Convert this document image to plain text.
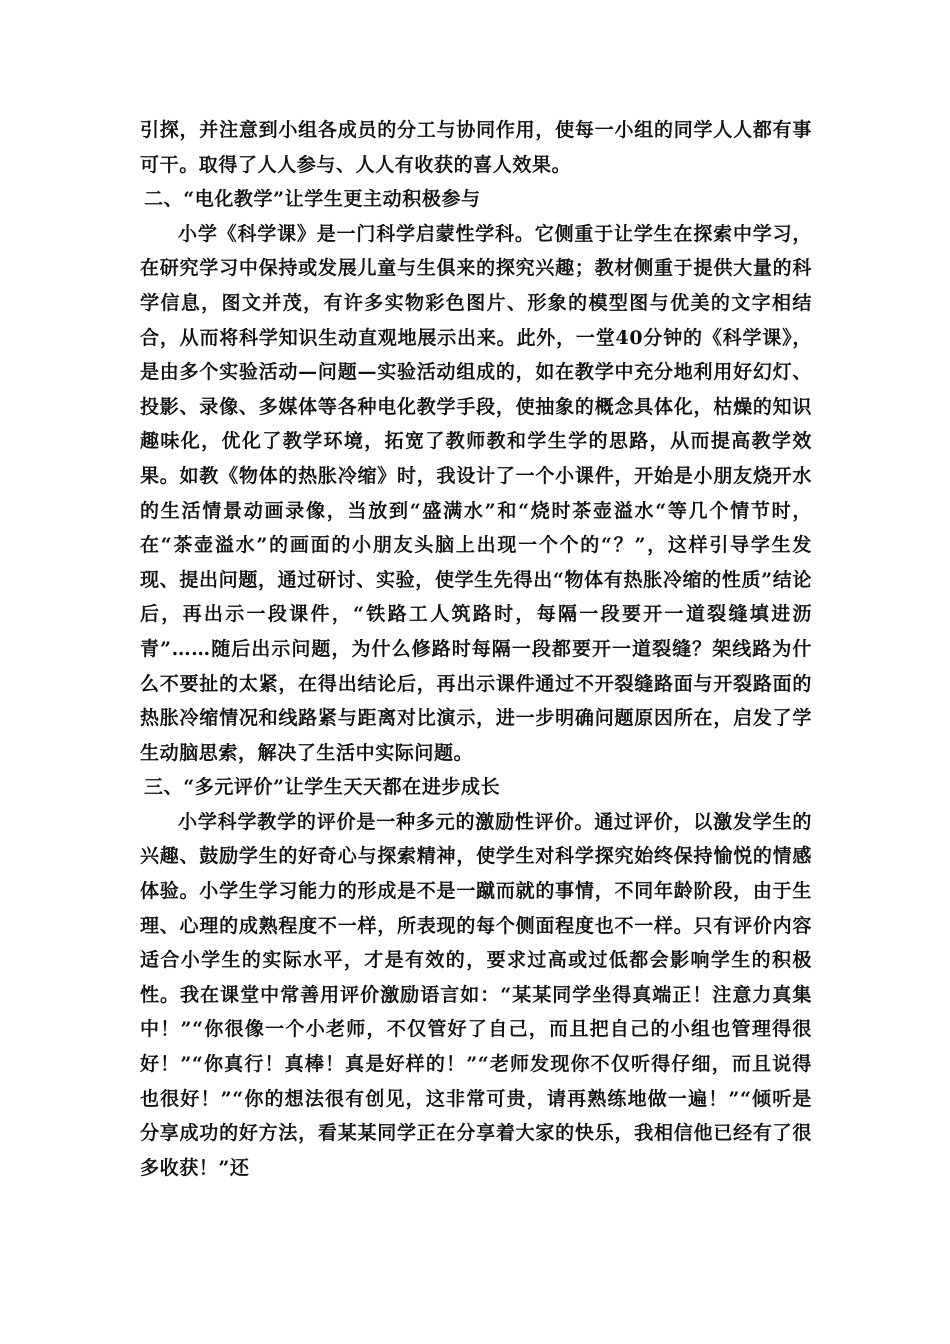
引探，并注意到小组各成员的分工与协同作用，使每一小组的同学人人都有事可干。取得了人人参与、人人有收获的喜人效果。

二、“电化教学”让学生更主动积极参与

小学《科学课》是一门科学启蒙性学科。它侧重于让学生在探索中学习，在研究学习中保持或发展儿童与生俱来的探究兴趣；教材侧重于提供大量的科学信息，图文并茂，有许多实物彩色图片、形象的模型图与优美的文字相结合，从而将科学知识生动直观地展示出来。此外，一堂40分钟的《科学课》，是由多个实验活动—问题—实验活动组成的，如在教学中充分地利用好幻灯、投影、录像、多媒体等各种电化教学手段，使抽象的概念具体化，枯燥的知识趣味化，优化了教学环境，拓宽了教师教和学生学的思路，从而提高教学效果。如教《物体的热胀冷缩》时，我设计了一个小课件，开始是小朋友烧开水的生活情景动画录像，当放到“盛满水”和“烧时茶壶溢水“等几个情节时，在“茶壶溢水”的画面的小朋友头脑上出现一个个的“？”，这样引导学生发现、提出问题，通过研讨、实验，使学生先得出“物体有热胀冷缩的性质”结论后，再出示一段课件，“铁路工人筑路时，每隔一段要开一道裂缝填进沥青”……随后出示问题，为什么修路时每隔一段都要开一道裂缝？架线路为什么不要扯的太紧，在得出结论后，再出示课件通过不开裂缝路面与开裂路面的热胀冷缩情况和线路紧与距离对比演示，进一步明确问题原因所在，启发了学生动脑思索，解决了生活中实际问题。

三、“多元评价”让学生天天都在进步成长

小学科学教学的评价是一种多元的激励性评价。通过评价，以激发学生的兴趣、鼓励学生的好奇心与探索精神，使学生对科学探究始终保持愉悦的情感体验。小学生学习能力的形成是不是一蹴而就的事情，不同年龄阶段，由于生理、心理的成熟程度不一样，所表现的每个侧面程度也不一样。只有评价内容适合小学生的实际水平，才是有效的，要求过高或过低都会影响学生的积极性。我在课堂中常善用评价激励语言如：“某某同学坐得真端正！注意力真集中！”“你很像一个小老师，不仅管好了自己，而且把自己的小组也管理得很好！”“你真行！真棒！真是好样的！”“老师发现你不仅听得仔细，而且说得也很好！”“你的想法很有创见，这非常可贵，请再熟练地做一遍！”“倾听是分享成功的好方法，看某某同学正在分享着大家的快乐，我相信他已经有了很多收获！”还
